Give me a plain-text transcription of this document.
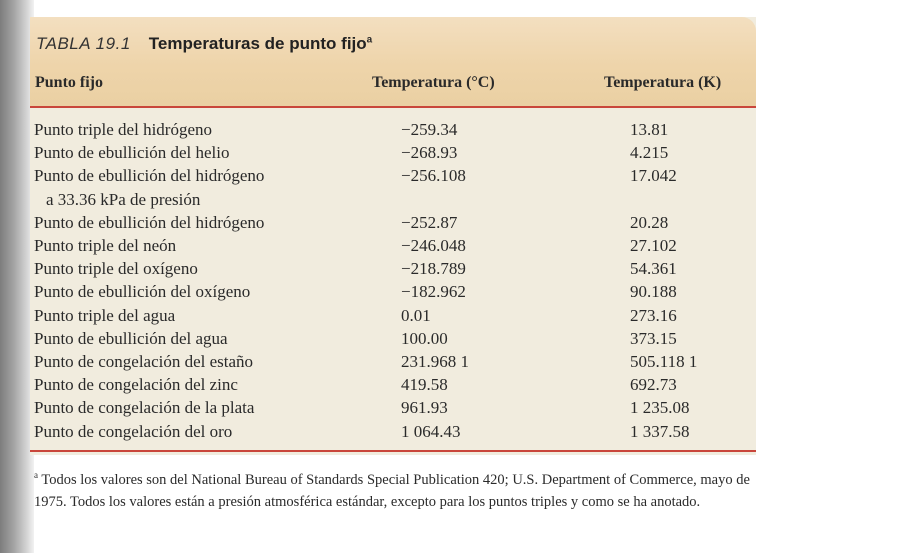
TABLA 19.1 Temperaturas de punto fijo$^a$
Punto fijo	Temperatura (°C)	Temperatura (K)
Punto triple del hidrógeno	−259.34	13.81
Punto de ebullición del helio	−268.93	4.215
Punto de ebullición del hidrógeno	−256.108	17.042
a 33.36 kPa de presión
Punto de ebullición del hidrógeno	−252.87	20.28
Punto triple del neón	−246.048	27.102
Punto triple del oxígeno	−218.789	54.361
Punto de ebullición del oxígeno	−182.962	90.188
Punto triple del agua	0.01	273.16
Punto de ebullición del agua	100.00	373.15
Punto de congelación del estaño	231.968 1	505.118 1
Punto de congelación del zinc	419.58	692.73
Punto de congelación de la plata	961.93	1 235.08
Punto de congelación del oro	1 064.43	1 337.58
$^a$ Todos los valores son del National Bureau of Standards Special Publication 420; U.S. Department of Commerce, mayo de 1975. Todos los valores están a presión atmosférica estándar, excepto para los puntos triples y como se ha anotado.
